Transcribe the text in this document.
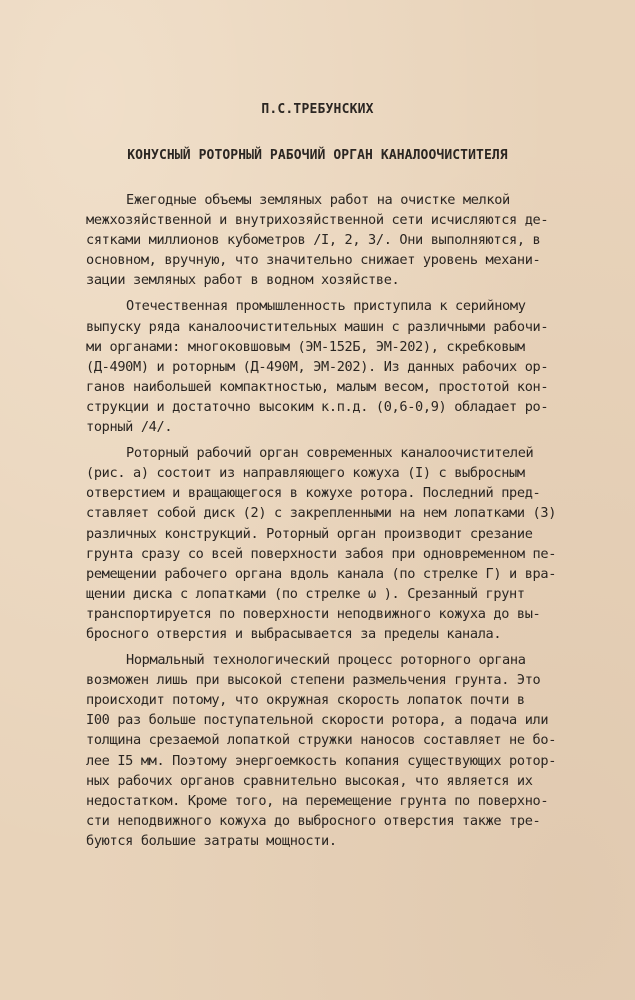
П.С.ТРЕБУНСКИХ
КОНУСНЫЙ РОТОРНЫЙ РАБОЧИЙ ОРГАН КАНАЛООЧИСТИТЕЛЯ
Ежегодные объемы земляных работ на очистке мелкой
межхозяйственной и внутрихозяйственной сети исчисляются де-
сятками миллионов кубометров /I, 2, 3/. Они выполняются, в
основном, вручную, что значительно снижает уровень механи-
зации земляных работ в водном хозяйстве.
Отечественная промышленность приступила к серийному
выпуску ряда каналоочистительных машин с различными рабочи-
ми органами: многоковшовым (ЭМ-152Б, ЭМ-202), скребковым
(Д-490М) и роторным (Д-490М, ЭМ-202). Из данных рабочих ор-
ганов наибольшей компактностью, малым весом, простотой кон-
струкции и достаточно высоким к.п.д. (0,6-0,9) обладает ро-
торный /4/.
Роторный рабочий орган современных каналоочистителей
(рис. а) состоит из направляющего кожуха (I) с выбросным
отверстием и вращающегося в кожухе ротора. Последний пред-
ставляет собой диск (2) с закрепленными на нем лопатками (3)
различных конструкций. Роторный орган производит срезание
грунта сразу со всей поверхности забоя при одновременном пе-
ремещении рабочего органа вдоль канала (по стрелке Г) и вра-
щении диска с лопатками (по стрелке ω ). Срезанный грунт
транспортируется по поверхности неподвижного кожуха до вы-
бросного отверстия и выбрасывается за пределы канала.
Нормальный технологический процесс роторного органа
возможен лишь при высокой степени размельчения грунта. Это
происходит потому, что окружная скорость лопаток почти в
I00 раз больше поступательной скорости ротора, а подача или
толщина срезаемой лопаткой стружки наносов составляет не бо-
лее I5 мм. Поэтому энергоемкость копания существующих ротор-
ных рабочих органов сравнительно высокая, что является их
недостатком. Кроме того, на перемещение грунта по поверхно-
сти неподвижного кожуха до выбросного отверстия также тре-
буются большие затраты мощности.
